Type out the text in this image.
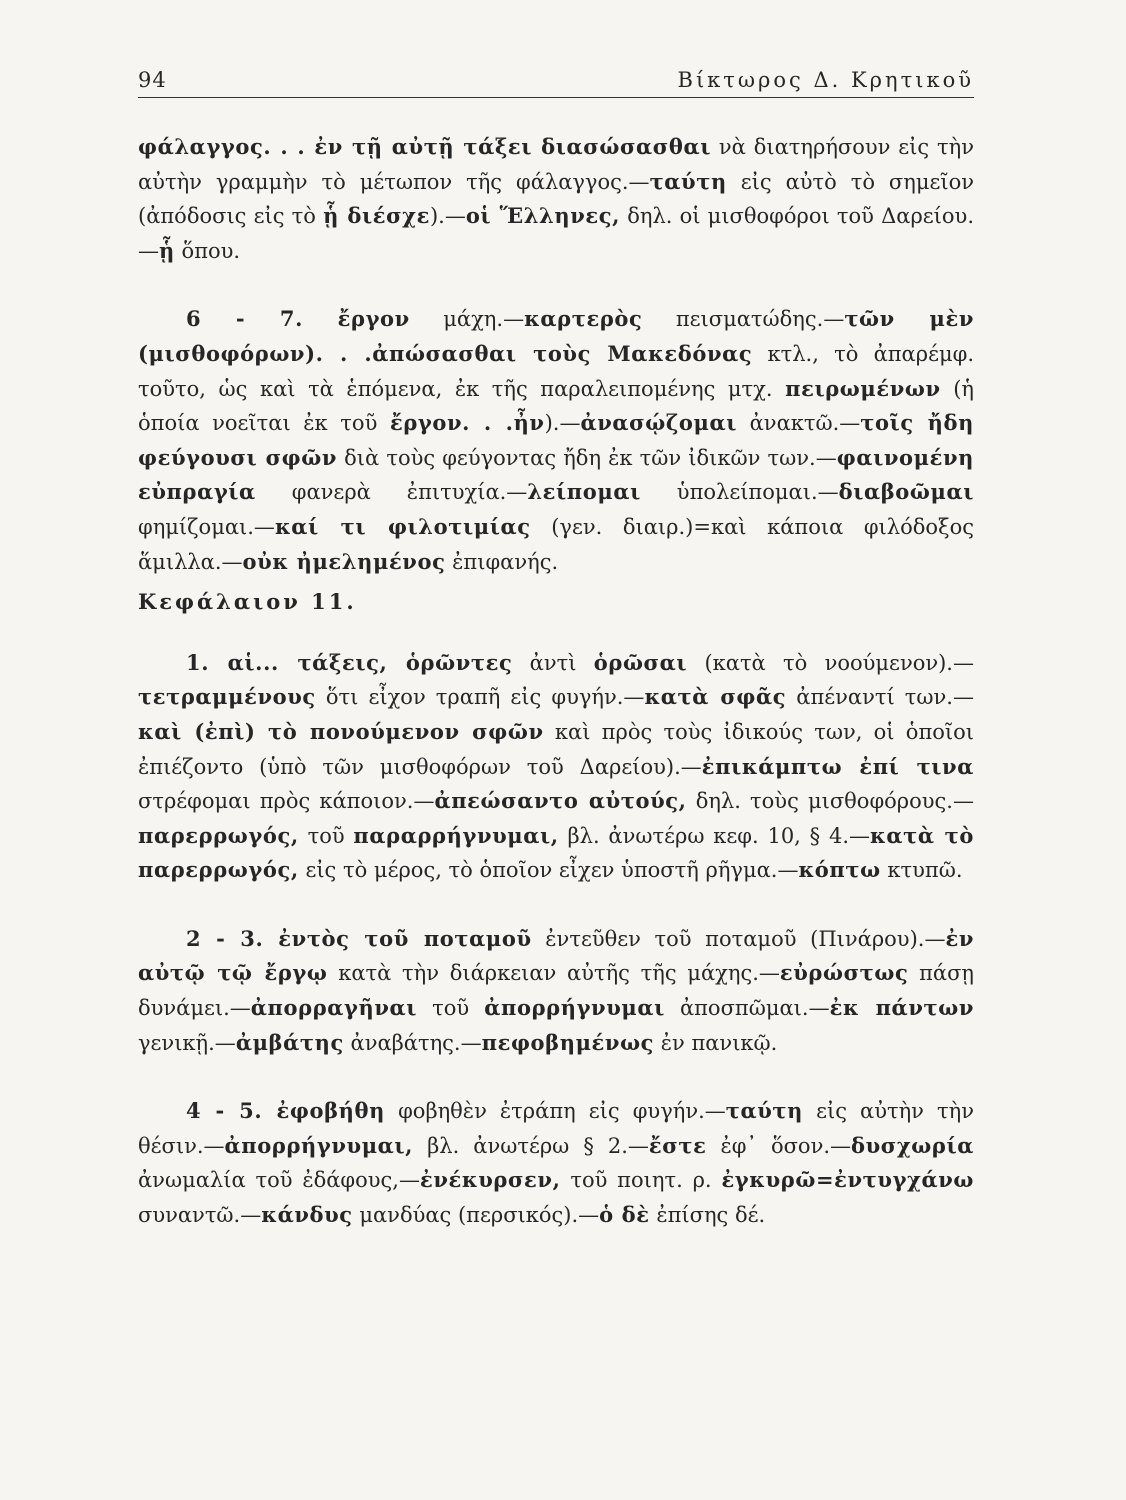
94	Βίκτωρος Δ. Κρητικοῦ

φάλαγγος. . . ἐν τῇ αὐτῇ τάξει διασώσασθαι νὰ διατηρήσουν εἰς τὴν αὐτὴν γραμμὴν τὸ μέτωπον τῆς φάλαγγος.—ταύτη εἰς αὐτὸ τὸ σημεῖον (ἀπόδοσις εἰς τὸ ᾗ διέσχε).—οἱ Ἕλληνες, δηλ. οἱ μισθοφόροι τοῦ Δαρείου.—ᾗ ὅπου.

6 - 7. ἔργον μάχη.—καρτερὸς πεισματώδης.—τῶν μὲν (μισθοφόρων). . .ἀπώσασθαι τοὺς Μακεδόνας κτλ., τὸ ἀπαρέμφ. τοῦτο, ὡς καὶ τὰ ἑπόμενα, ἐκ τῆς παραλειπομένης μτχ. πειρωμένων (ἡ ὁποία νοεῖται ἐκ τοῦ ἔργον. . .ἦν).—ἀνασῴζομαι ἀνακτῶ.—τοῖς ἤδη φεύγουσι σφῶν διὰ τοὺς φεύγοντας ἤδη ἐκ τῶν ἰδικῶν των.—φαινομένη εὐπραγία φανερὰ ἐπιτυχία.—λείπομαι ὑπολείπομαι.—διαβοῶμαι φημίζομαι.—καί τι φιλοτιμίας (γεν. διαιρ.)=καὶ κάποια φιλόδοξος ἅμιλλα.—οὐκ ἠμελημένος ἐπιφανής.

Κεφάλαιον 11.

1. αἱ... τάξεις, ὁρῶντες ἀντὶ ὁρῶσαι (κατὰ τὸ νοούμενον).—τετραμμένους ὅτι εἶχον τραπῆ εἰς φυγήν.—κατὰ σφᾶς ἀπέναντί των.—καὶ (ἐπὶ) τὸ πονούμενον σφῶν καὶ πρὸς τοὺς ἰδικούς των, οἱ ὁποῖοι ἐπιέζοντο (ὑπὸ τῶν μισθοφόρων τοῦ Δαρείου).—ἐπικάμπτω ἐπί τινα στρέφομαι πρὸς κάποιον.—ἀπεώσαντο αὐτούς, δηλ. τοὺς μισθοφόρους.—παρερρωγός, τοῦ παραρρήγνυμαι, βλ. ἀνωτέρω κεφ. 10, § 4.—κατὰ τὸ παρερρωγός, εἰς τὸ μέρος, τὸ ὁποῖον εἶχεν ὑποστῆ ρῆγμα.—κόπτω κτυπῶ.

2 - 3. ἐντὸς τοῦ ποταμοῦ ἐντεῦθεν τοῦ ποταμοῦ (Πινάρου).—ἐν αὐτῷ τῷ ἔργῳ κατὰ τὴν διάρκειαν αὐτῆς τῆς μάχης.—εὐρώστως πάσῃ δυνάμει.—ἀπορραγῆναι τοῦ ἀπορρήγνυμαι ἀποσπῶμαι.—ἐκ πάντων γενικῇ.—ἀμβάτης ἀναβάτης.—πεφοβημένως ἐν πανικῷ.

4 - 5. ἐφοβήθη φοβηθὲν ἐτράπη εἰς φυγήν.—ταύτη εἰς αὐτὴν τὴν θέσιν.—ἀπορρήγνυμαι, βλ. ἀνωτέρω § 2.—ἔστε ἐφ᾽ ὅσον.—δυσχωρία ἀνωμαλία τοῦ ἐδάφους,—ἐνέκυρσεν, τοῦ ποιητ. ρ. ἐγκυρῶ=ἐντυγχάνω συναντῶ.—κάνδυς μανδύας (περσικός).—ὁ δὲ ἐπίσης δέ.
